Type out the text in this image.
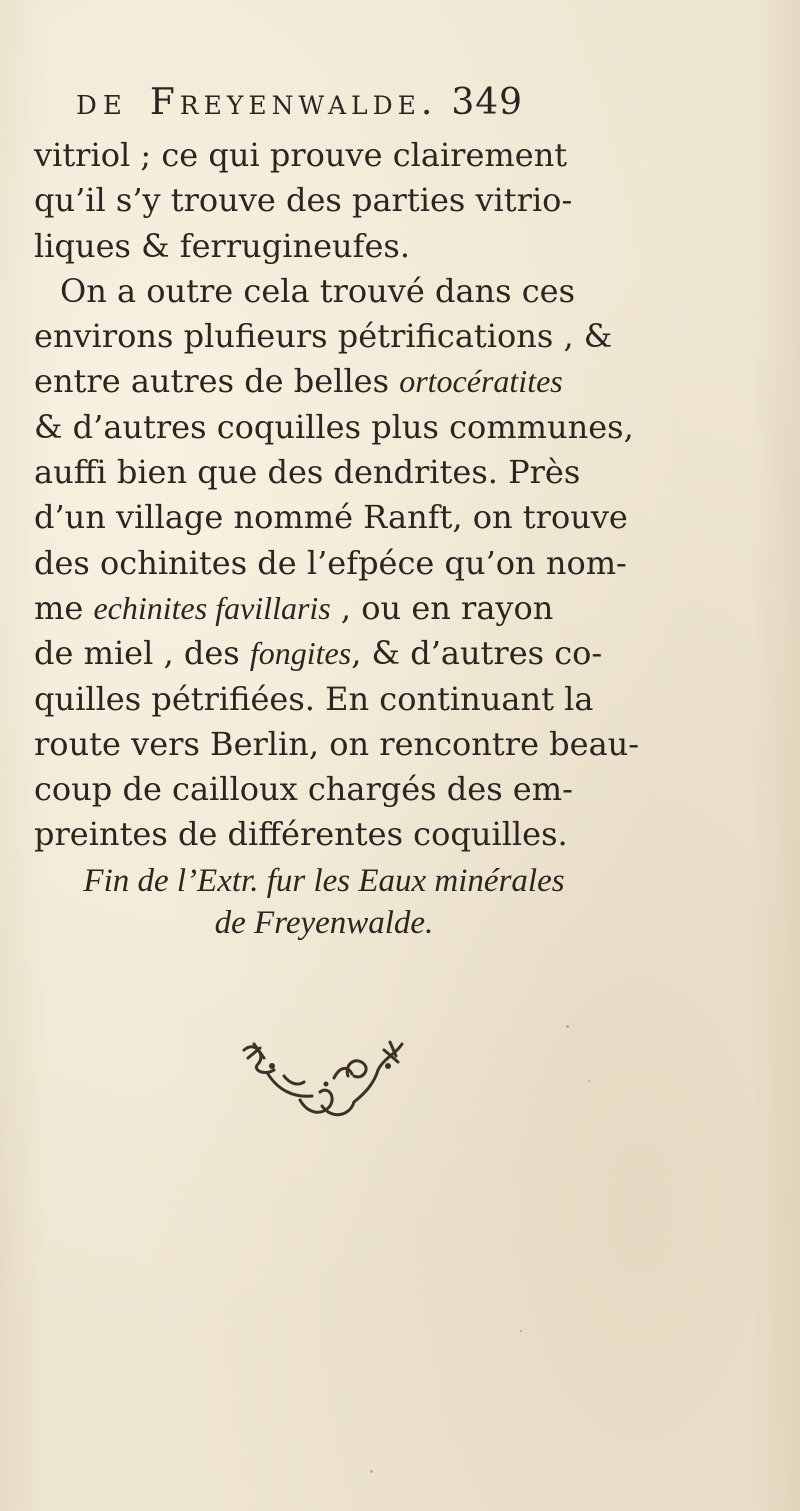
DE Freyenwalde. 349
vitriol ; ce qui prouve clairement
qu’il s’y trouve des parties vitrio-
liques & ferrugineufes.
On a outre cela trouvé dans ces
environs plufieurs pétrifications , &
entre autres de belles ortocératites
& d’autres coquilles plus communes,
auffi bien que des dendrites. Près
d’un village nommé Ranft, on trouve
des ochinites de l’efpéce qu’on nom-
me echinites favillaris , ou en rayon
de miel , des fongites, & d’autres co-
quilles pétrifiées. En continuant la
route vers Berlin, on rencontre beau-
coup de cailloux chargés des em-
preintes de différentes coquilles.
Fin de l’Extr. fur les Eaux minérales
de Freyenwalde.
